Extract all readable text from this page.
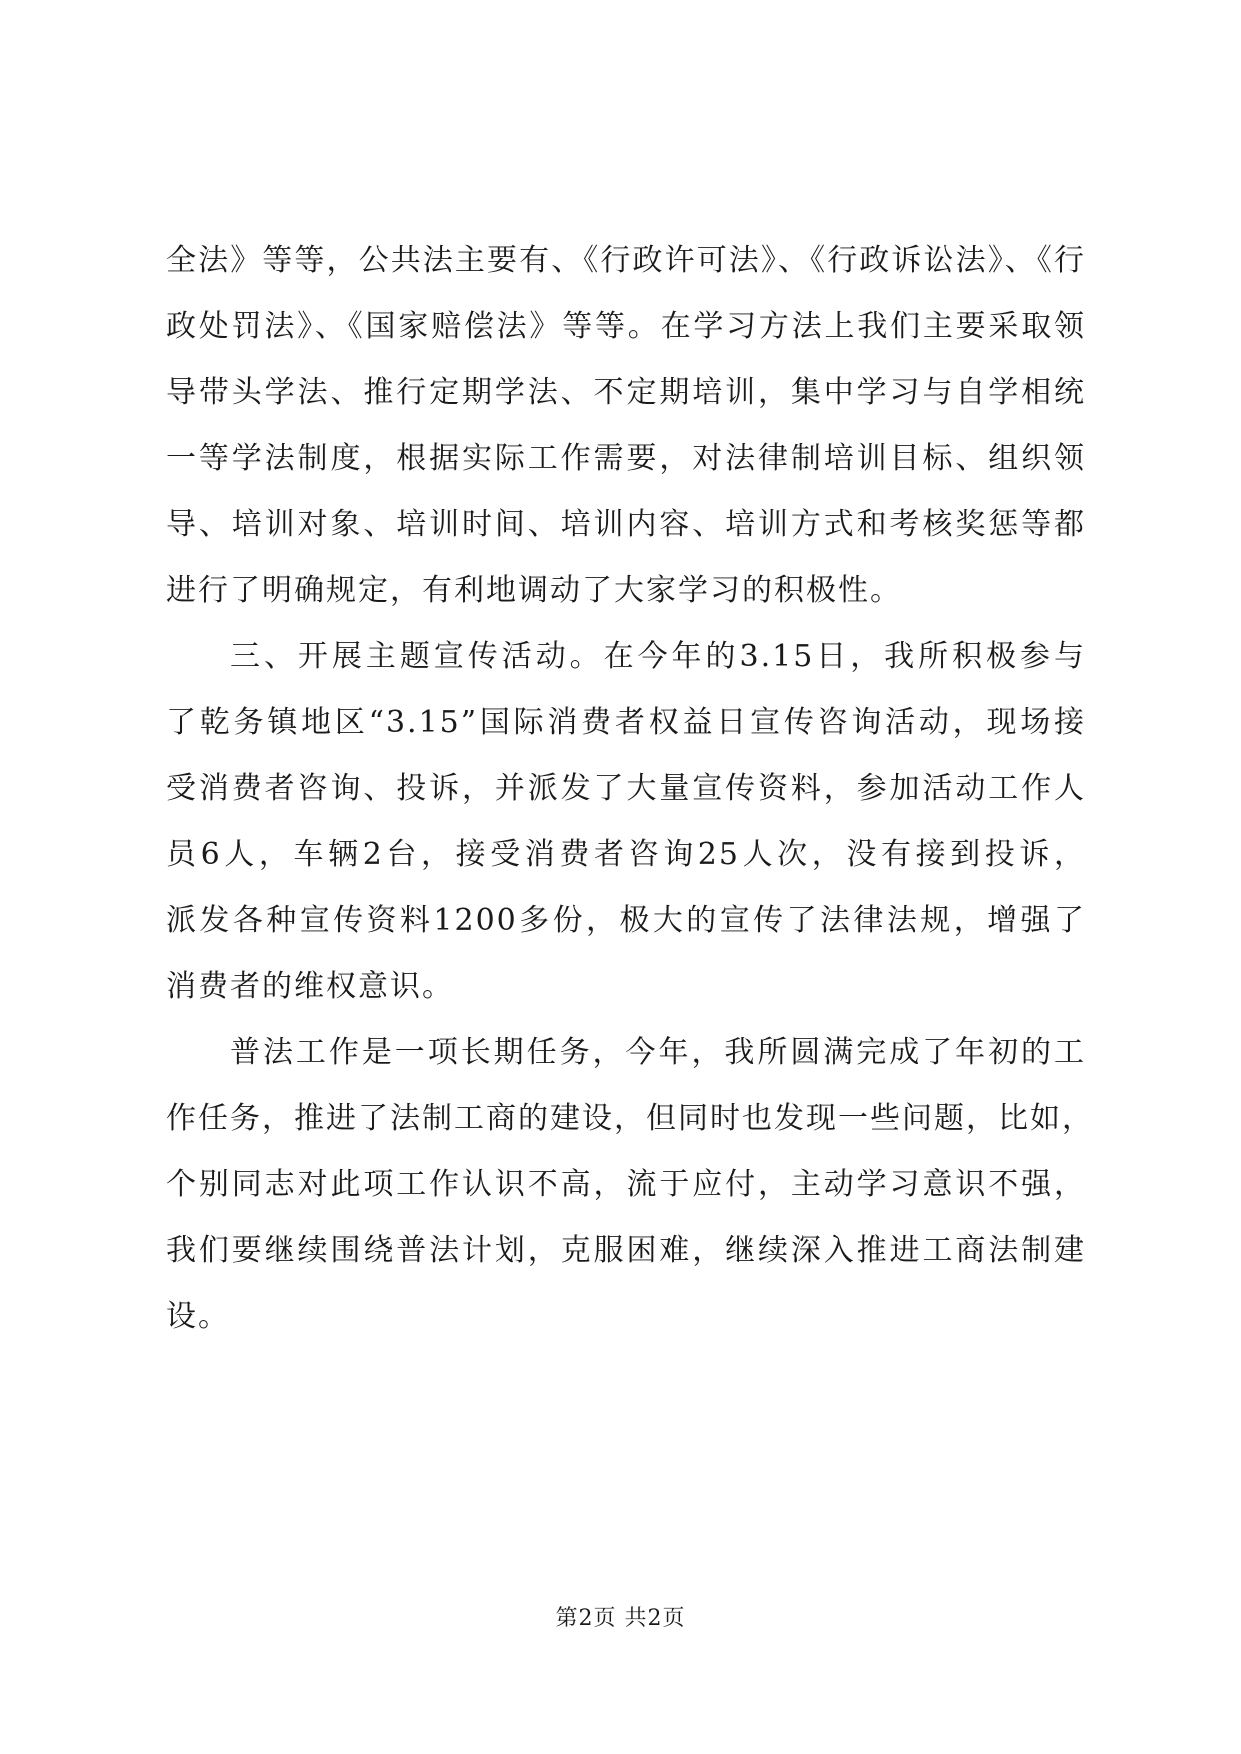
全法》等等，公共法主要有、《行政许可法》、《行政诉讼法》、《行
政处罚法》、《国家赔偿法》等等。在学习方法上我们主要采取领
导带头学法、推行定期学法、不定期培训，集中学习与自学相统
一等学法制度，根据实际工作需要，对法律制培训目标、组织领
导、培训对象、培训时间、培训内容、培训方式和考核奖惩等都
进行了明确规定，有利地调动了大家学习的积极性。
三、开展主题宣传活动。在今年的3.15日，我所积极参与
了乾务镇地区“3.15”国际消费者权益日宣传咨询活动，现场接
受消费者咨询、投诉，并派发了大量宣传资料，参加活动工作人
员6人，车辆2台，接受消费者咨询25人次，没有接到投诉，
派发各种宣传资料1200多份，极大的宣传了法律法规，增强了
消费者的维权意识。
普法工作是一项长期任务，今年，我所圆满完成了年初的工
作任务，推进了法制工商的建设，但同时也发现一些问题，比如，
个别同志对此项工作认识不高，流于应付，主动学习意识不强，
我们要继续围绕普法计划，克服困难，继续深入推进工商法制建
设。
第2页 共2页
